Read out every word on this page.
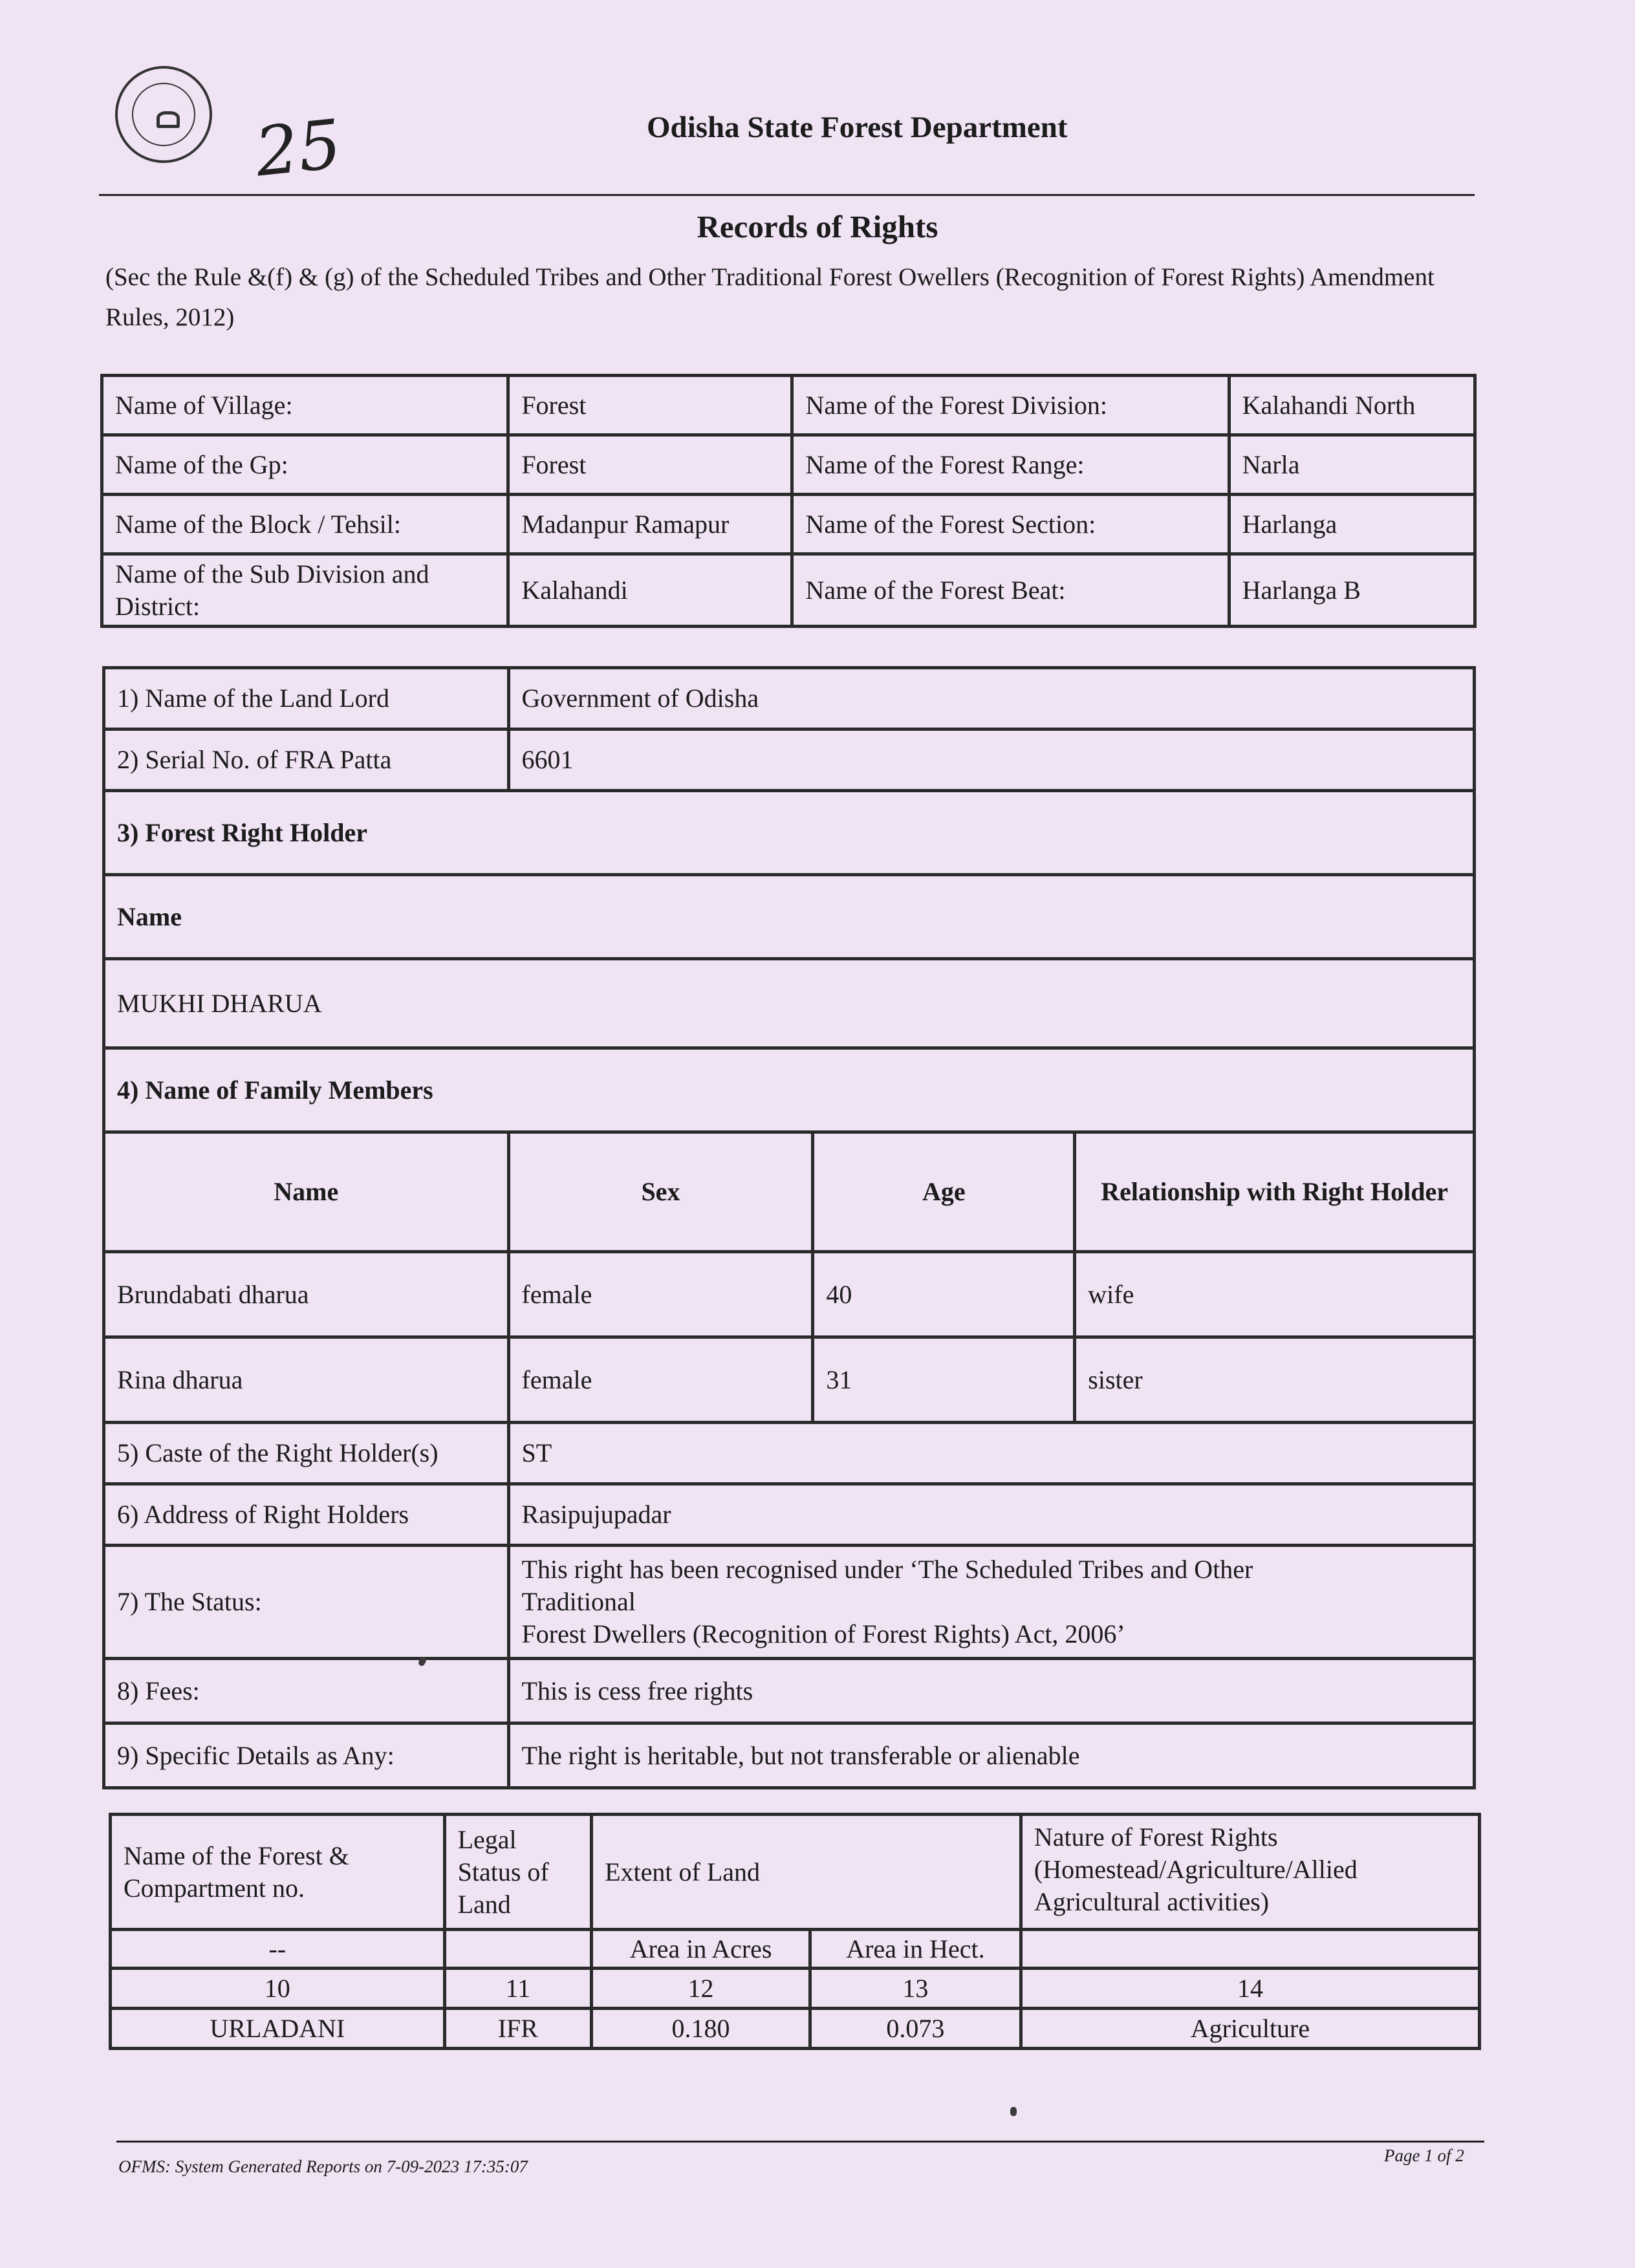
25	Odisha State Forest Department
Records of Rights
(Sec the Rule &(f) & (g) of the Scheduled Tribes and Other Traditional Forest Owellers (Recognition of Forest Rights) Amendment Rules, 2012)
Name of Village:	Forest	Name of the Forest Division:	Kalahandi North
Name of the Gp:	Forest	Name of the Forest Range:	Narla
Name of the Block / Tehsil:	Madanpur Ramapur	Name of the Forest Section:	Harlanga
Name of the Sub Division and District:	Kalahandi	Name of the Forest Beat:	Harlanga B
1) Name of the Land Lord	Government of Odisha		
2) Serial No. of FRA Patta	6601		
3) Forest Right Holder			
Name			
MUKHI DHARUA			
4) Name of Family Members			
Name	Sex	Age	Relationship with Right Holder
Brundabati dharua	female	40	wife
Rina dharua	female	31	sister
5) Caste of the Right Holder(s)	ST		
6) Address of Right Holders	Rasipujupadar		
7) The Status:	This right has been recognised under ‘The Scheduled Tribes and Other
Traditional
Forest Dwellers (Recognition of Forest Rights) Act, 2006’		

8) Fees:	This is cess free rights		
9) Specific Details as Any:	The right is heritable, but not transferable or alienable		
Name of the Forest & Compartment no.	Legal Status of Land	Extent of Land		Nature of Forest Rights (Homestead/Agriculture/Allied Agricultural activities)

--		Area in Acres	Area in Hect.	
10	11	12	13	14
URLADANI	IFR	0.180	0.073	Agriculture
OFMS: System Generated Reports on 7-09-2023 17:35:07
Page 1 of 2
